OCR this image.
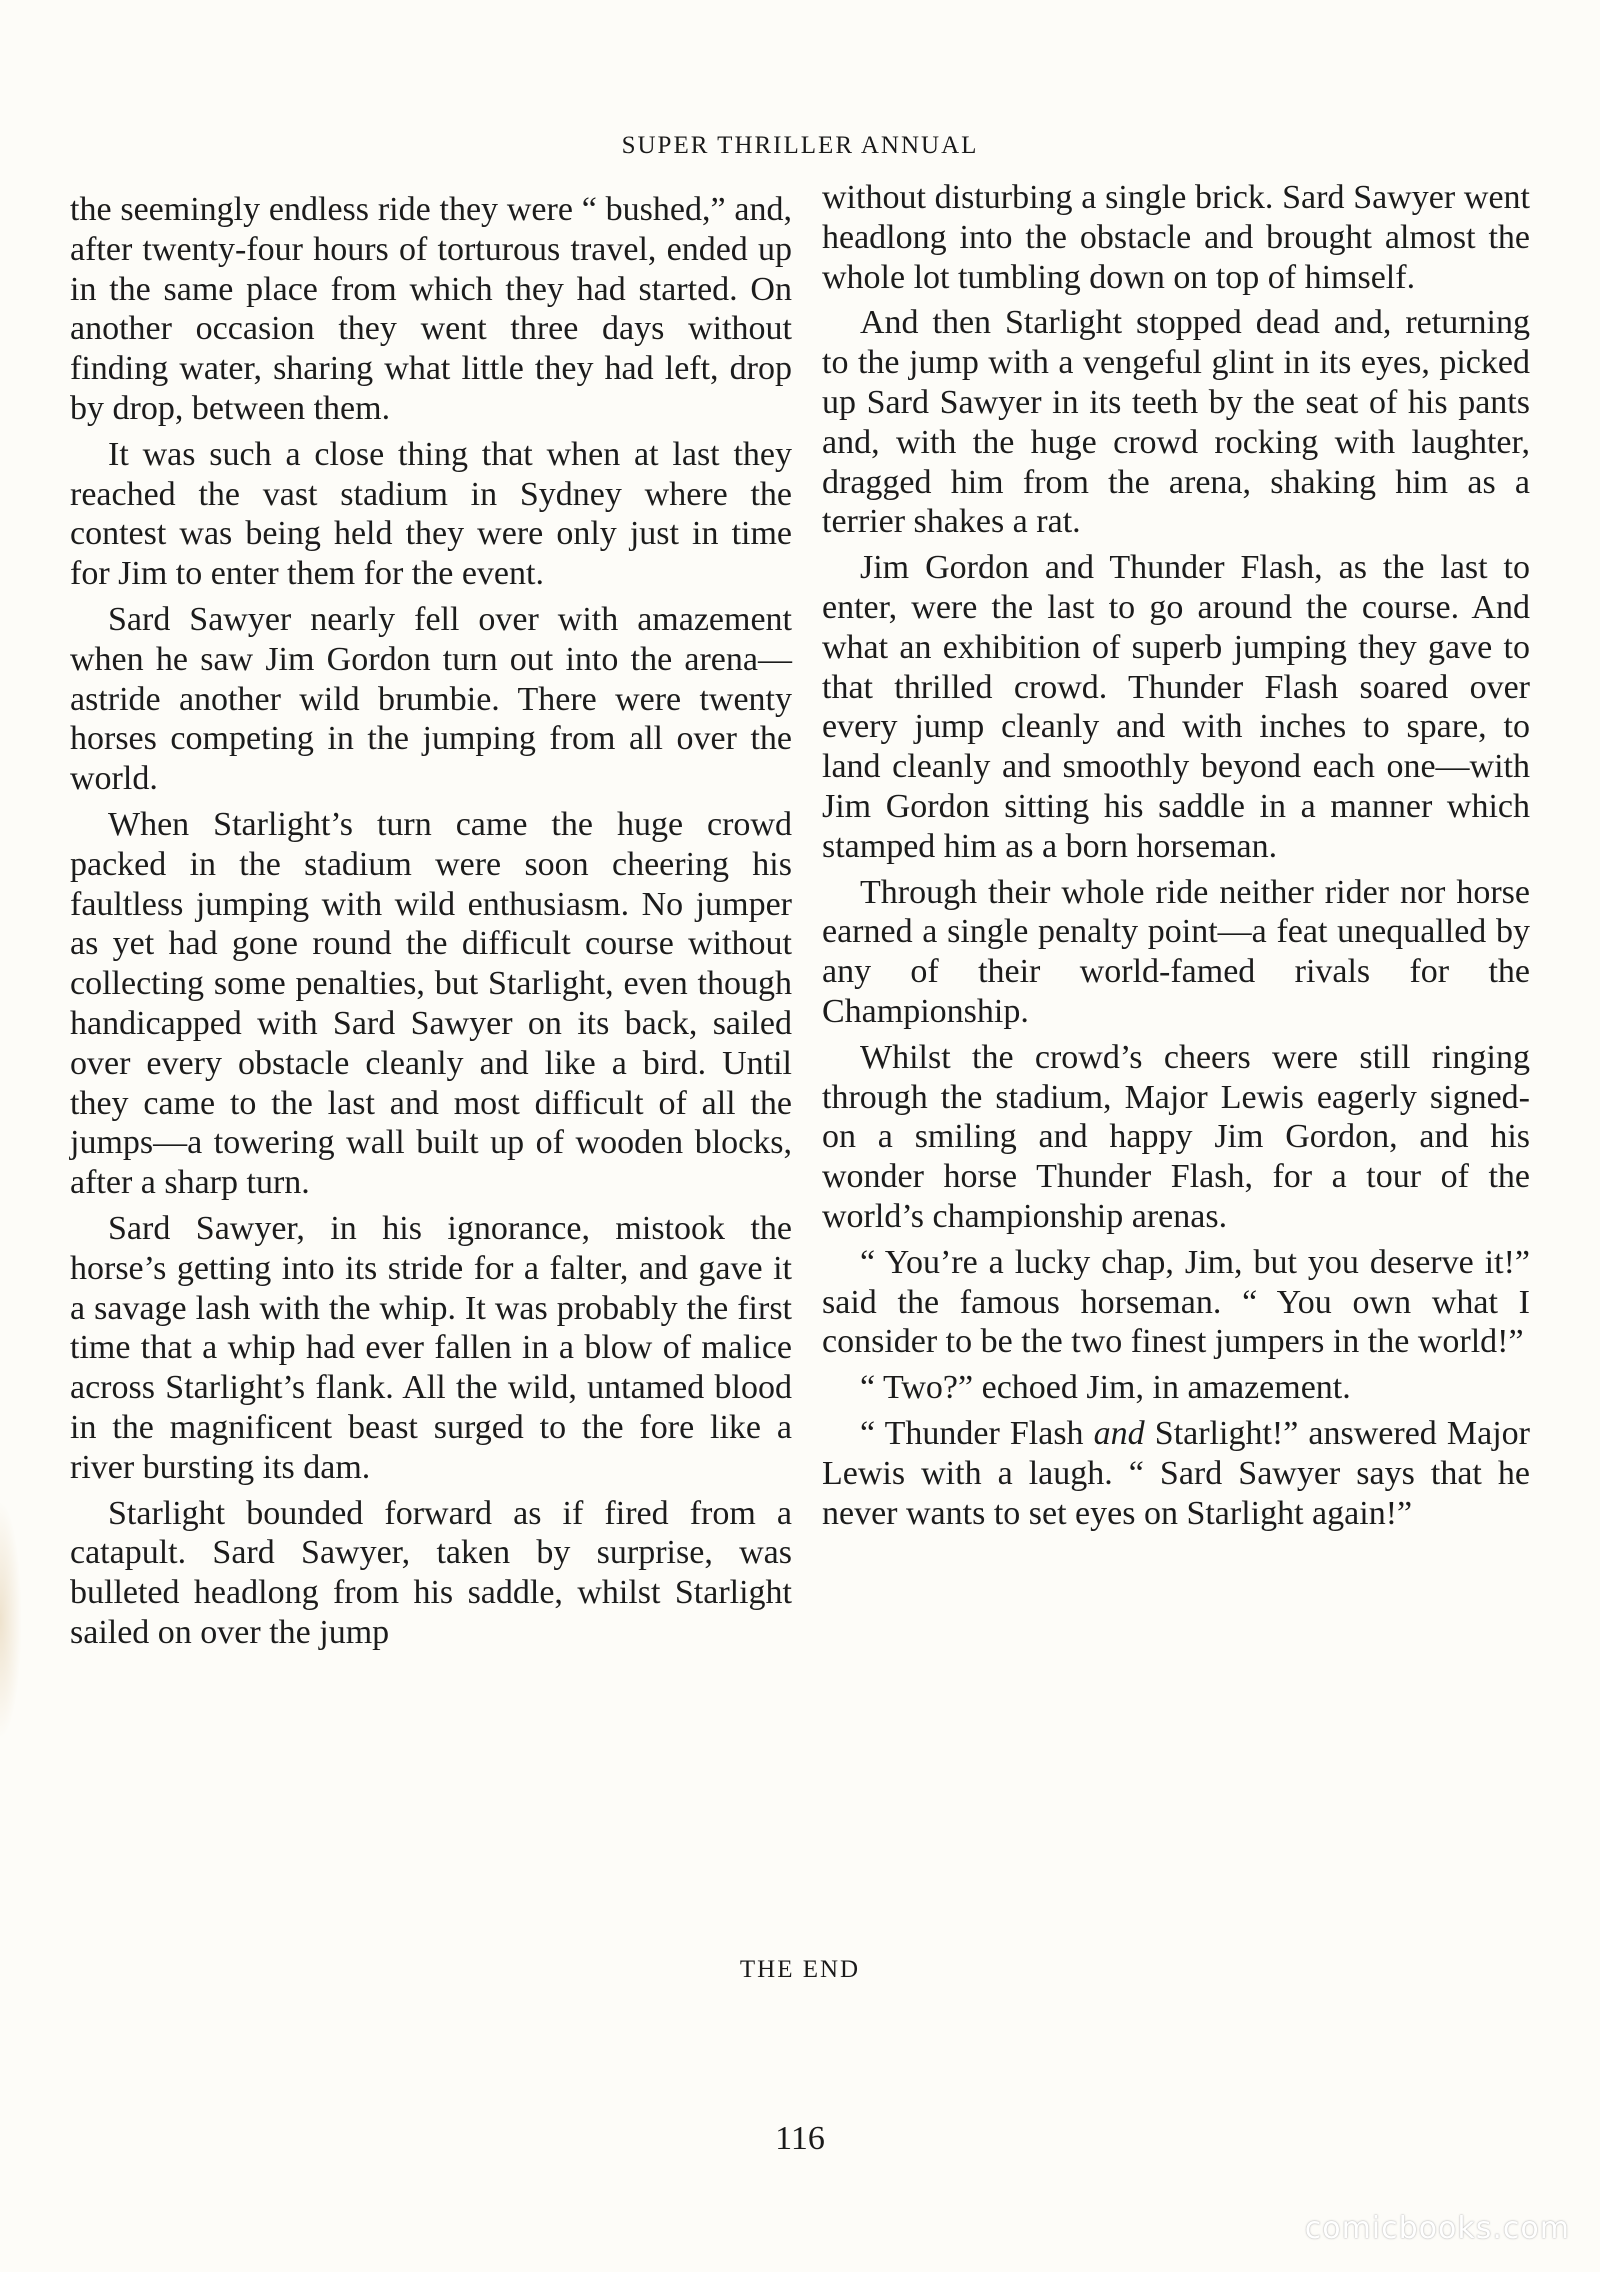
SUPER THRILLER ANNUAL

the seemingly endless ride they were “ bushed,” and, after twenty-four hours of torturous travel, ended up in the same place from which they had started. On another occasion they went three days without finding water, sharing what little they had left, drop by drop, between them.

It was such a close thing that when at last they reached the vast stadium in Sydney where the contest was being held they were only just in time for Jim to enter them for the event.

Sard Sawyer nearly fell over with amazement when he saw Jim Gordon turn out into the arena—astride another wild brumbie. There were twenty horses competing in the jumping from all over the world.

When Starlight’s turn came the huge crowd packed in the stadium were soon cheering his faultless jumping with wild enthusiasm. No jumper as yet had gone round the difficult course without collecting some penalties, but Starlight, even though handicapped with Sard Sawyer on its back, sailed over every obstacle cleanly and like a bird. Until they came to the last and most difficult of all the jumps—a towering wall built up of wooden blocks, after a sharp turn.

Sard Sawyer, in his ignorance, mistook the horse’s getting into its stride for a falter, and gave it a savage lash with the whip. It was probably the first time that a whip had ever fallen in a blow of malice across Starlight’s flank. All the wild, untamed blood in the magnificent beast surged to the fore like a river bursting its dam.

Starlight bounded forward as if fired from a catapult. Sard Sawyer, taken by surprise, was bulleted headlong from his saddle, whilst Starlight sailed on over the jump

without disturbing a single brick. Sard Sawyer went headlong into the obstacle and brought almost the whole lot tumbling down on top of himself.

And then Starlight stopped dead and, returning to the jump with a vengeful glint in its eyes, picked up Sard Sawyer in its teeth by the seat of his pants and, with the huge crowd rocking with laughter, dragged him from the arena, shaking him as a terrier shakes a rat.

Jim Gordon and Thunder Flash, as the last to enter, were the last to go around the course. And what an exhibition of superb jumping they gave to that thrilled crowd. Thunder Flash soared over every jump cleanly and with inches to spare, to land cleanly and smoothly beyond each one—with Jim Gordon sitting his saddle in a manner which stamped him as a born horseman.

Through their whole ride neither rider nor horse earned a single penalty point—a feat unequalled by any of their world-famed rivals for the Championship.

Whilst the crowd’s cheers were still ringing through the stadium, Major Lewis eagerly signed-on a smiling and happy Jim Gordon, and his wonder horse Thunder Flash, for a tour of the world’s championship arenas.

“ You’re a lucky chap, Jim, but you deserve it!” said the famous horseman. “ You own what I consider to be the two finest jumpers in the world!”

“ Two?” echoed Jim, in amazement.

“ Thunder Flash and Starlight!” answered Major Lewis with a laugh. “ Sard Sawyer says that he never wants to set eyes on Starlight again!”

THE END
116
comicbooks.com
